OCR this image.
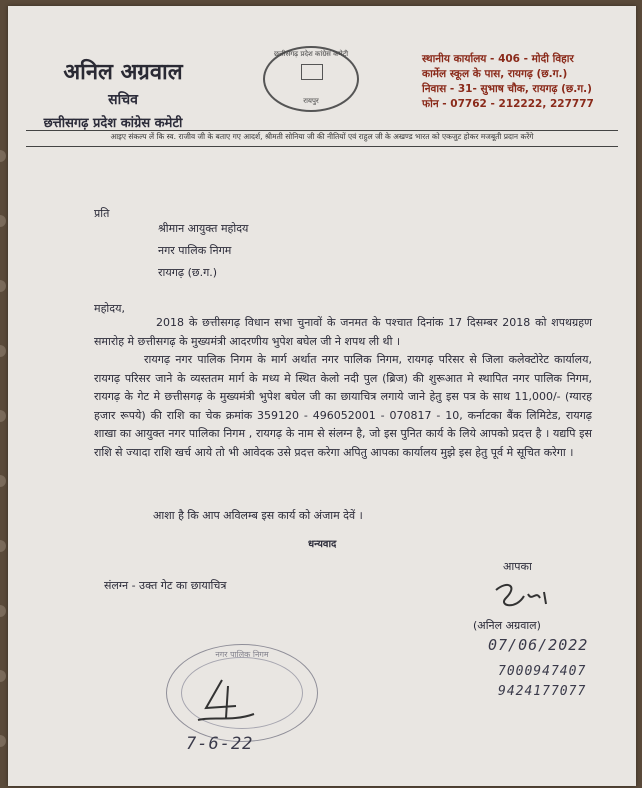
अनिल अग्रवाल
सचिव
छत्तीसगढ़ प्रदेश कांग्रेस कमेटी
छत्तीसगढ़ प्रदेश कांग्रेस कमेटी
रायपुर
स्थानीय कार्यालय - 406 - मोदी विहार
कार्मेल स्कूल के पास, रायगढ़ (छ.ग.)
निवास - 31- सुभाष चौक, रायगढ़ (छ.ग.)
फोन - 07762 - 212222, 227777
आइए संकल्प लें कि स्व. राजीव जी के बताए गए आदर्श, श्रीमती सोनिया जी की नीतियों एवं राहुल जी के अखण्ड भारत को एकजुट होकर मजबूती प्रदान करेंगे
प्रति
श्रीमान आयुक्त महोदय
नगर पालिक निगम
रायगढ़ (छ.ग.)
महोदय,

2018 के छत्तीसगढ़ विधान सभा चुनावों के जनमत के पश्चात दिनांक 17 दिसम्बर 2018 को शपथग्रहण समारोह मे छत्तीसगढ़ के मुख्यमंत्री आदरणीय भुपेश बघेल जी ने शपथ ली थी ।

रायगढ़ नगर पालिक निगम के मार्ग अर्थात नगर पालिक निगम, रायगढ़ परिसर से जिला कलेक्टोरेट कार्यालय, रायगढ़ परिसर जाने के व्यस्ततम मार्ग के मध्य मे स्थित केलो नदी पुल (ब्रिज) की शुरूआत मे स्थापित नगर पालिक निगम, रायगढ़ के गेट मे छत्तीसगढ़ के मुख्यमंत्री भुपेश बघेल जी का छायाचित्र लगाये जाने हेतु इस पत्र के साथ 11,000/- (ग्यारह हजार रूपये) की राशि का चेक क्रमांक 359120 - 496052001 - 070817 - 10, कर्नाटका बैंक लिमिटेड, रायगढ़ शाखा का आयुक्त नगर पालिका निगम , रायगढ़ के नाम से संलग्न है, जो इस पुनित कार्य के लिये आपको प्रदत्त है । यद्यपि इस राशि से ज्यादा राशि खर्च आये तो भी आवेदक उसे प्रदत्त करेगा अपितु आपका कार्यालय मुझे इस हेतु पूर्व मे सूचित करेगा ।

आशा है कि आप अविलम्ब इस कार्य को अंजाम देवें ।
धन्यवाद
आपका
संलग्न - उक्त गेट का छायाचित्र
(अनिल अग्रवाल)
07/06/2022
7000947407
9424177077
नगर पालिक निगम
7-6-22
